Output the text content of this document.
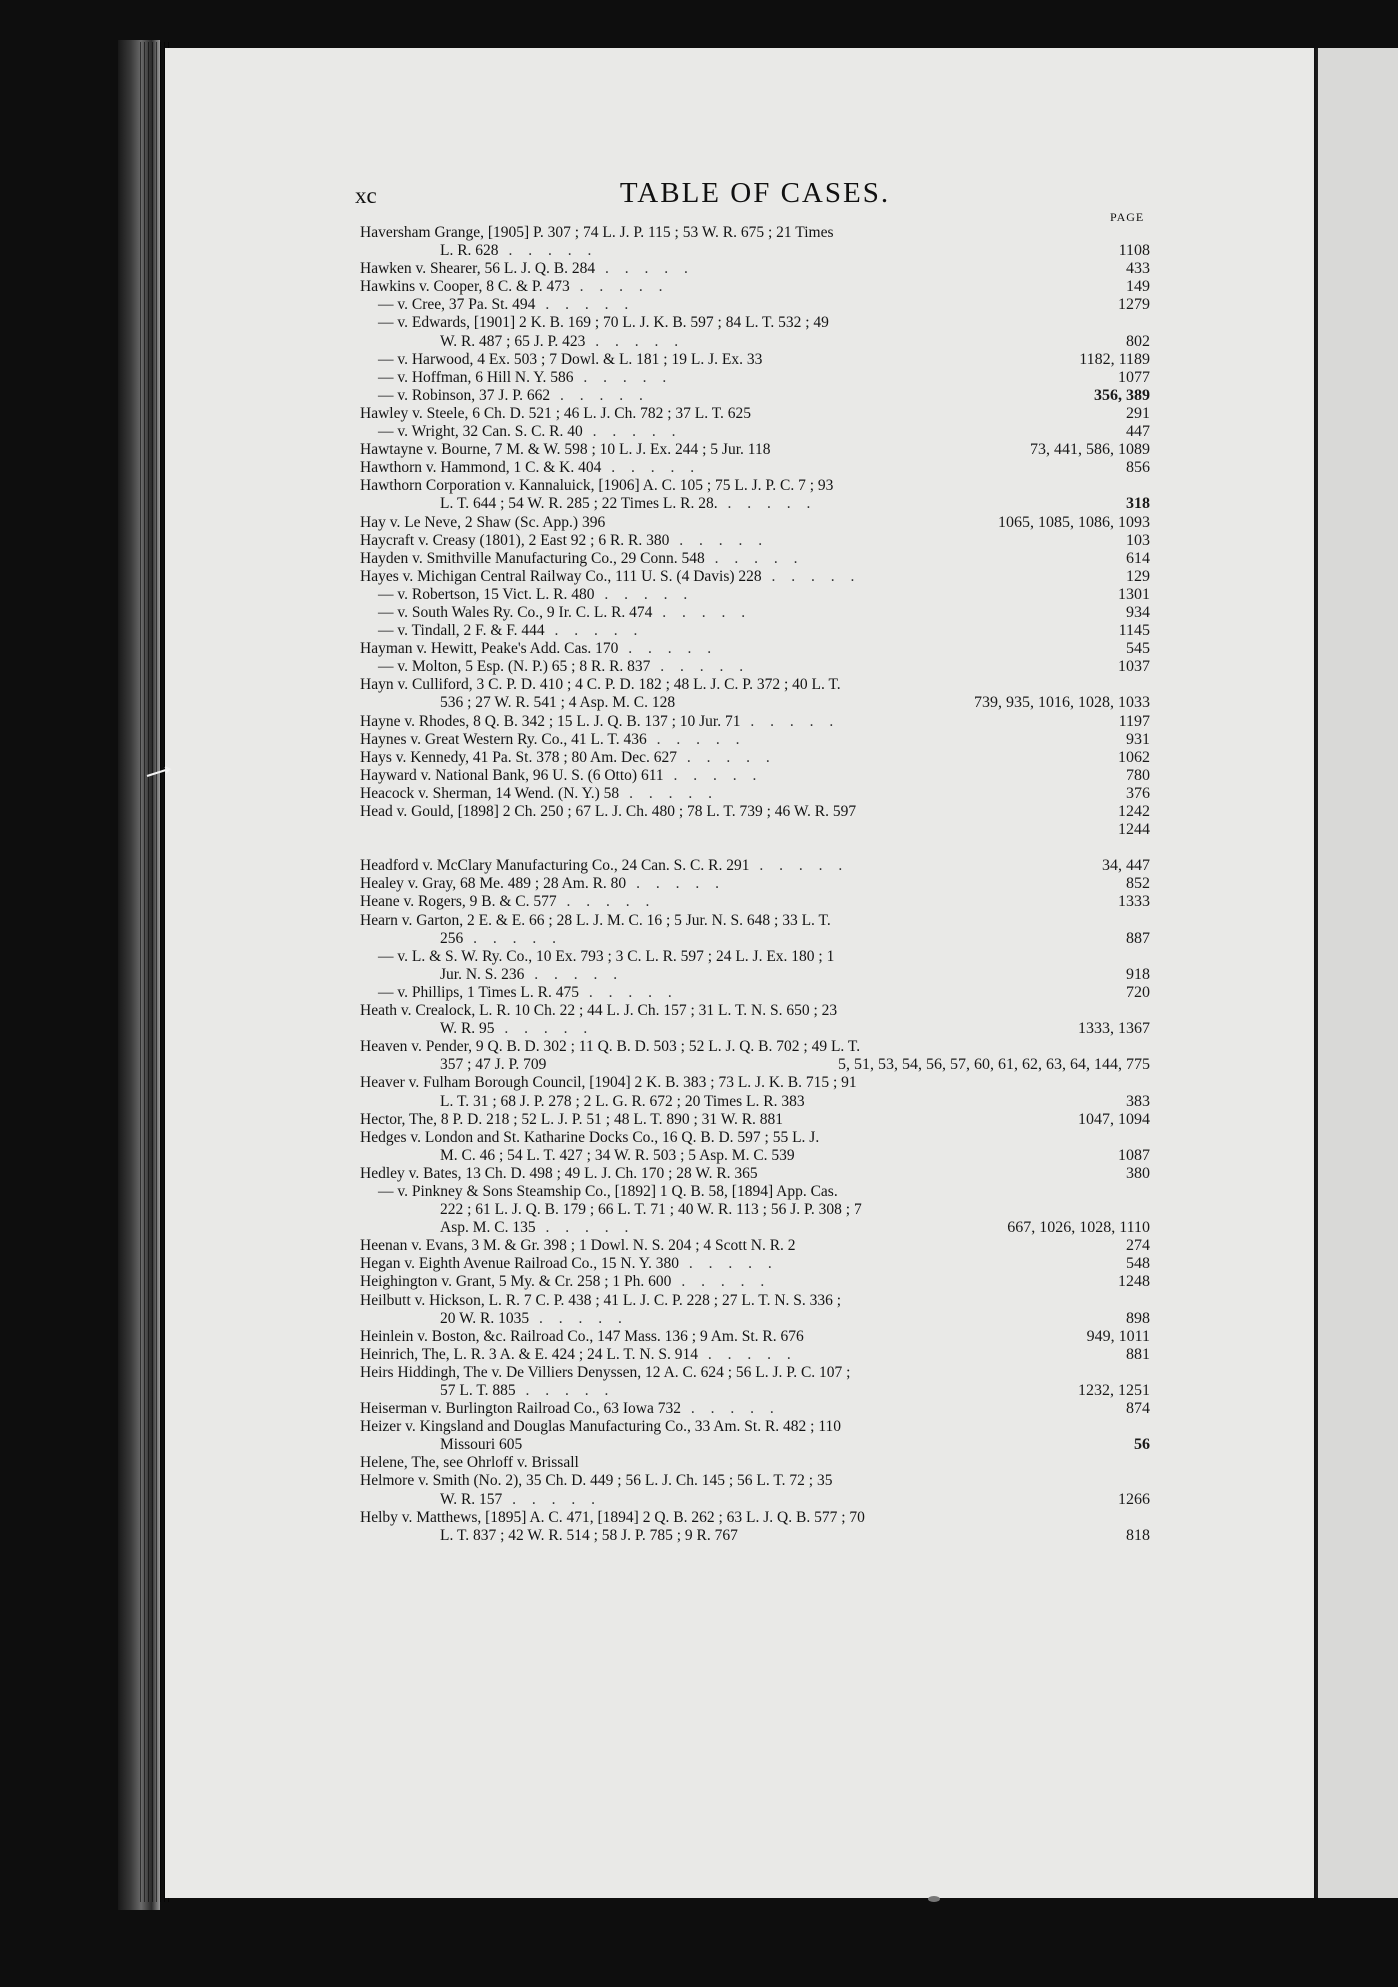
xc	TABLE OF CASES.
PAGE
Haversham Grange, [1905] P. 307 ; 74 L. J. P. 115 ; 53 W. R. 675 ; 21 Times
L. R. 628 . . . . .	1108
Hawken v. Shearer, 56 L. J. Q. B. 284 . . . . .	433
Hawkins v. Cooper, 8 C. & P. 473 . . . . .	149
— v. Cree, 37 Pa. St. 494 . . . . .	1279
— v. Edwards, [1901] 2 K. B. 169 ; 70 L. J. K. B. 597 ; 84 L. T. 532 ; 49
W. R. 487 ; 65 J. P. 423 . . . . .	802
— v. Harwood, 4 Ex. 503 ; 7 Dowl. & L. 181 ; 19 L. J. Ex. 33	1182, 1189
— v. Hoffman, 6 Hill N. Y. 586 . . . . .	1077
— v. Robinson, 37 J. P. 662 . . . . .	356, 389
Hawley v. Steele, 6 Ch. D. 521 ; 46 L. J. Ch. 782 ; 37 L. T. 625	291
— v. Wright, 32 Can. S. C. R. 40 . . . . .	447
Hawtayne v. Bourne, 7 M. & W. 598 ; 10 L. J. Ex. 244 ; 5 Jur. 118	73, 441, 586, 1089
Hawthorn v. Hammond, 1 C. & K. 404 . . . . .	856
Hawthorn Corporation v. Kannaluick, [1906] A. C. 105 ; 75 L. J. P. C. 7 ; 93
L. T. 644 ; 54 W. R. 285 ; 22 Times L. R. 28. . . . . .	318
Hay v. Le Neve, 2 Shaw (Sc. App.) 396	1065, 1085, 1086, 1093
Haycraft v. Creasy (1801), 2 East 92 ; 6 R. R. 380 . . . . .	103
Hayden v. Smithville Manufacturing Co., 29 Conn. 548 . . . . .	614
Hayes v. Michigan Central Railway Co., 111 U. S. (4 Davis) 228 . . . . .	129
— v. Robertson, 15 Vict. L. R. 480 . . . . .	1301
— v. South Wales Ry. Co., 9 Ir. C. L. R. 474 . . . . .	934
— v. Tindall, 2 F. & F. 444 . . . . .	1145
Hayman v. Hewitt, Peake's Add. Cas. 170 . . . . .	545
— v. Molton, 5 Esp. (N. P.) 65 ; 8 R. R. 837 . . . . .	1037
Hayn v. Culliford, 3 C. P. D. 410 ; 4 C. P. D. 182 ; 48 L. J. C. P. 372 ; 40 L. T.
536 ; 27 W. R. 541 ; 4 Asp. M. C. 128	739, 935, 1016, 1028, 1033
Hayne v. Rhodes, 8 Q. B. 342 ; 15 L. J. Q. B. 137 ; 10 Jur. 71 . . . . .	1197
Haynes v. Great Western Ry. Co., 41 L. T. 436 . . . . .	931
Hays v. Kennedy, 41 Pa. St. 378 ; 80 Am. Dec. 627 . . . . .	1062
Hayward v. National Bank, 96 U. S. (6 Otto) 611 . . . . .	780
Heacock v. Sherman, 14 Wend. (N. Y.) 58 . . . . .	376
Head v. Gould, [1898] 2 Ch. 250 ; 67 L. J. Ch. 480 ; 78 L. T. 739 ; 46 W. R. 597	1242
1244
Headford v. McClary Manufacturing Co., 24 Can. S. C. R. 291 . . . . .	34, 447
Healey v. Gray, 68 Me. 489 ; 28 Am. R. 80 . . . . .	852
Heane v. Rogers, 9 B. & C. 577 . . . . .	1333
Hearn v. Garton, 2 E. & E. 66 ; 28 L. J. M. C. 16 ; 5 Jur. N. S. 648 ; 33 L. T.
256 . . . . .	887
— v. L. & S. W. Ry. Co., 10 Ex. 793 ; 3 C. L. R. 597 ; 24 L. J. Ex. 180 ; 1
Jur. N. S. 236 . . . . .	918
— v. Phillips, 1 Times L. R. 475 . . . . .	720
Heath v. Crealock, L. R. 10 Ch. 22 ; 44 L. J. Ch. 157 ; 31 L. T. N. S. 650 ; 23
W. R. 95 . . . . .	1333, 1367
Heaven v. Pender, 9 Q. B. D. 302 ; 11 Q. B. D. 503 ; 52 L. J. Q. B. 702 ; 49 L. T.
357 ; 47 J. P. 709	5, 51, 53, 54, 56, 57, 60, 61, 62, 63, 64, 144, 775
Heaver v. Fulham Borough Council, [1904] 2 K. B. 383 ; 73 L. J. K. B. 715 ; 91
L. T. 31 ; 68 J. P. 278 ; 2 L. G. R. 672 ; 20 Times L. R. 383	383
Hector, The, 8 P. D. 218 ; 52 L. J. P. 51 ; 48 L. T. 890 ; 31 W. R. 881	1047, 1094
Hedges v. London and St. Katharine Docks Co., 16 Q. B. D. 597 ; 55 L. J.
M. C. 46 ; 54 L. T. 427 ; 34 W. R. 503 ; 5 Asp. M. C. 539	1087
Hedley v. Bates, 13 Ch. D. 498 ; 49 L. J. Ch. 170 ; 28 W. R. 365	380
— v. Pinkney & Sons Steamship Co., [1892] 1 Q. B. 58, [1894] App. Cas.
222 ; 61 L. J. Q. B. 179 ; 66 L. T. 71 ; 40 W. R. 113 ; 56 J. P. 308 ; 7
Asp. M. C. 135 . . . . .	667, 1026, 1028, 1110
Heenan v. Evans, 3 M. & Gr. 398 ; 1 Dowl. N. S. 204 ; 4 Scott N. R. 2	274
Hegan v. Eighth Avenue Railroad Co., 15 N. Y. 380 . . . . .	548
Heighington v. Grant, 5 My. & Cr. 258 ; 1 Ph. 600 . . . . .	1248
Heilbutt v. Hickson, L. R. 7 C. P. 438 ; 41 L. J. C. P. 228 ; 27 L. T. N. S. 336 ;
20 W. R. 1035 . . . . .	898
Heinlein v. Boston, &c. Railroad Co., 147 Mass. 136 ; 9 Am. St. R. 676	949, 1011
Heinrich, The, L. R. 3 A. & E. 424 ; 24 L. T. N. S. 914 . . . . .	881
Heirs Hiddingh, The v. De Villiers Denyssen, 12 A. C. 624 ; 56 L. J. P. C. 107 ;
57 L. T. 885 . . . . .	1232, 1251
Heiserman v. Burlington Railroad Co., 63 Iowa 732 . . . . .	874
Heizer v. Kingsland and Douglas Manufacturing Co., 33 Am. St. R. 482 ; 110
Missouri 605	56
Helene, The, see Ohrloff v. Brissall
Helmore v. Smith (No. 2), 35 Ch. D. 449 ; 56 L. J. Ch. 145 ; 56 L. T. 72 ; 35
W. R. 157 . . . . .	1266
Helby v. Matthews, [1895] A. C. 471, [1894] 2 Q. B. 262 ; 63 L. J. Q. B. 577 ; 70
L. T. 837 ; 42 W. R. 514 ; 58 J. P. 785 ; 9 R. 767	818
